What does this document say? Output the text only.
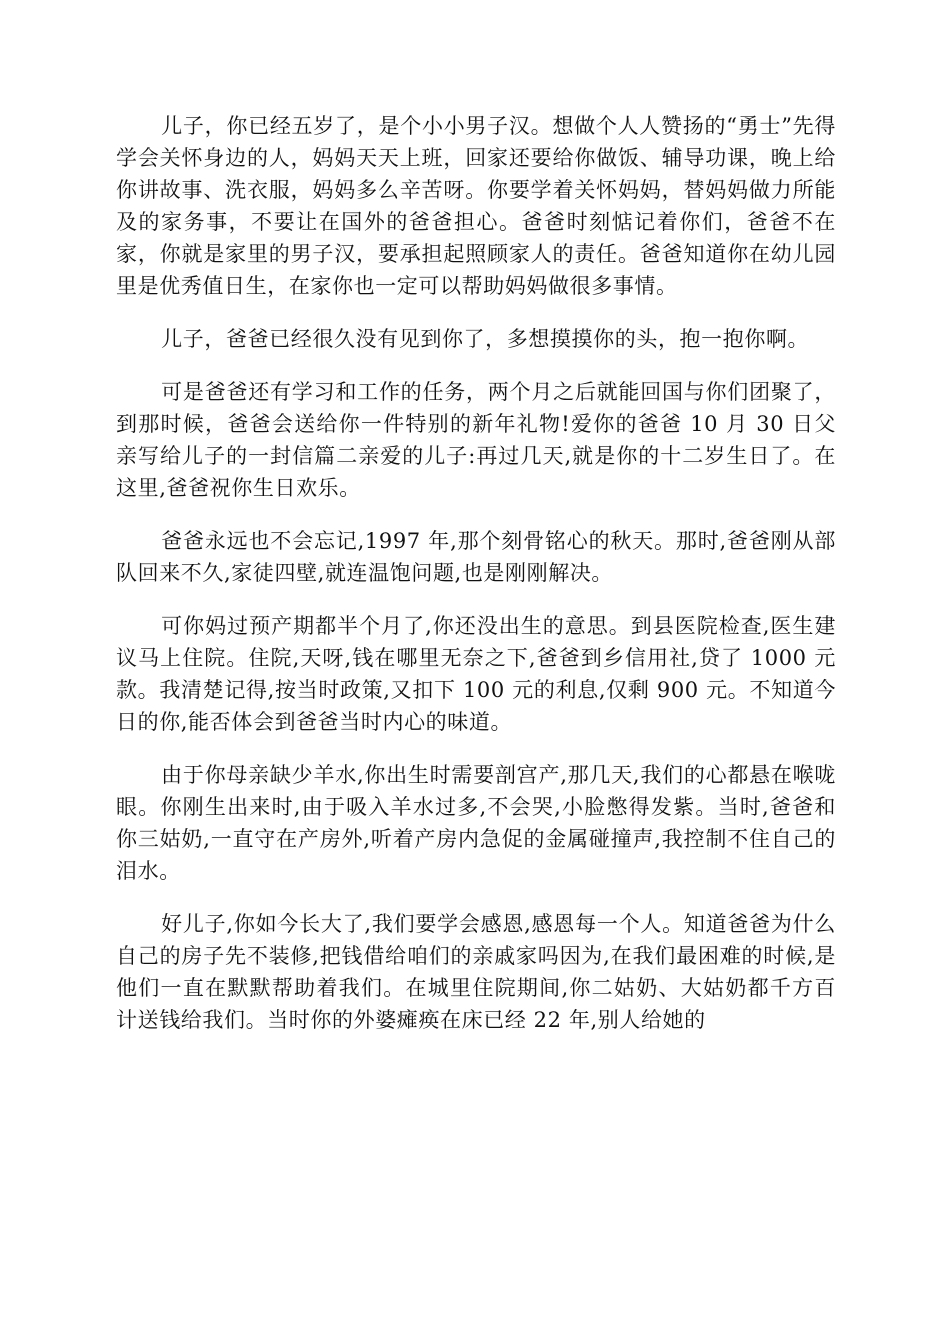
儿子，你已经五岁了，是个小小男子汉。想做个人人赞扬的“勇士”先得学会关怀身边的人，妈妈天天上班，回家还要给你做饭、辅导功课，晚上给你讲故事、洗衣服，妈妈多么辛苦呀。你要学着关怀妈妈，替妈妈做力所能及的家务事，不要让在国外的爸爸担心。爸爸时刻惦记着你们，爸爸不在家，你就是家里的男子汉，要承担起照顾家人的责任。爸爸知道你在幼儿园里是优秀值日生，在家你也一定可以帮助妈妈做很多事情。

儿子，爸爸已经很久没有见到你了，多想摸摸你的头，抱一抱你啊。

可是爸爸还有学习和工作的任务，两个月之后就能回国与你们团聚了，到那时候，爸爸会送给你一件特别的新年礼物!爱你的爸爸 10 月 30 日父亲写给儿子的一封信篇二亲爱的儿子:再过几天,就是你的十二岁生日了。在这里,爸爸祝你生日欢乐。

爸爸永远也不会忘记,1997 年,那个刻骨铭心的秋天。那时,爸爸刚从部队回来不久,家徒四壁,就连温饱问题,也是刚刚解决。

可你妈过预产期都半个月了,你还没出生的意思。到县医院检查,医生建议马上住院。住院,天呀,钱在哪里无奈之下,爸爸到乡信用社,贷了 1000 元款。我清楚记得,按当时政策,又扣下 100 元的利息,仅剩 900 元。不知道今日的你,能否体会到爸爸当时内心的味道。

由于你母亲缺少羊水,你出生时需要剖宫产,那几天,我们的心都悬在喉咙眼。你刚生出来时,由于吸入羊水过多,不会哭,小脸憋得发紫。当时,爸爸和你三姑奶,一直守在产房外,听着产房内急促的金属碰撞声,我控制不住自己的泪水。

好儿子,你如今长大了,我们要学会感恩,感恩每一个人。知道爸爸为什么自己的房子先不装修,把钱借给咱们的亲戚家吗因为,在我们最困难的时候,是他们一直在默默帮助着我们。在城里住院期间,你二姑奶、大姑奶都千方百计送钱给我们。当时你的外婆瘫痪在床已经 22 年,别人给她的
